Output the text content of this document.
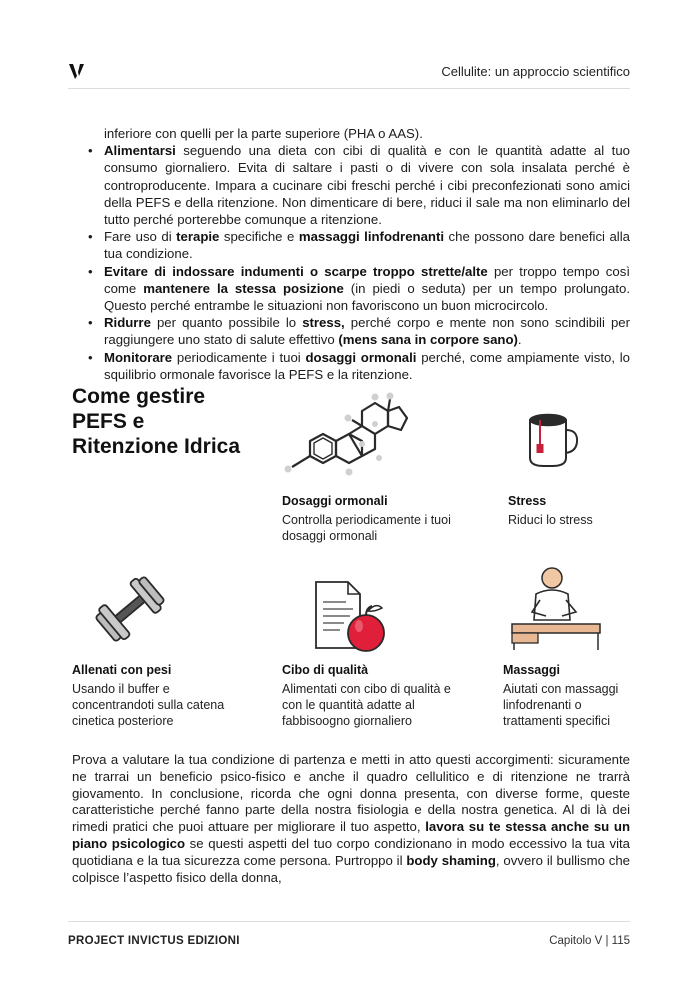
Cellulite: un approccio scientifico

inferiore con quelli per la parte superiore (PHA o AAS).

• Alimentarsi seguendo una dieta con cibi di qualità e con le quantità adatte al tuo consumo giornaliero. Evita di saltare i pasti o di vivere con sola insalata perché è controproducente. Impara a cucinare cibi freschi perché i cibi preconfezionati sono amici della PEFS e della ritenzione. Non dimenticare di bere, riduci il sale ma non eliminarlo del tutto perché porterebbe comunque a ritenzione.

• Fare uso di terapie specifiche e massaggi linfodrenanti che possono dare benefici alla tua condizione.

• Evitare di indossare indumenti o scarpe troppo strette/alte per troppo tempo così come mantenere la stessa posizione (in piedi o seduta) per un tempo prolungato. Questo perché entrambe le situazioni non favoriscono un buon microcircolo.

• Ridurre per quanto possibile lo stress, perché corpo e mente non sono scindibili per raggiungere uno stato di salute effettivo (mens sana in corpore sano).

• Monitorare periodicamente i tuoi dosaggi ormonali perché, come ampiamente visto, lo squilibrio ormonale favorisce la PEFS e la ritenzione.

Come gestire PEFS e Ritenzione Idrica
Dosaggi ormonali
Controlla periodicamente i tuoi dosaggi ormonali
Stress
Riduci lo stress
Allenati con pesi
Usando il buffer e concentrandoti sulla catena cinetica posteriore
Cibo di qualità
Alimentati con cibo di qualità e con le quantità adatte al fabbisoogno giornaliero
Massaggi
Aiutati con massaggi linfodrenanti o trattamenti specifici

Prova a valutare la tua condizione di partenza e metti in atto questi accorgimenti: sicuramente ne trarrai un beneficio psico-fisico e anche il quadro cellulitico e di ritenzione ne trarrà giovamento. In conclusione, ricorda che ogni donna presenta, con diverse forme, queste caratteristiche perché fanno parte della nostra fisiologia e della nostra genetica. Al di là dei rimedi pratici che puoi attuare per migliorare il tuo aspetto, lavora su te stessa anche su un piano psicologico se questi aspetti del tuo corpo condizionano in modo eccessivo la tua vita quotidiana e la tua sicurezza come persona. Purtroppo il body shaming, ovvero il bullismo che colpisce l’aspetto fisico della donna,

PROJECT INVICTUS EDIZIONI	Capitolo V | 115
